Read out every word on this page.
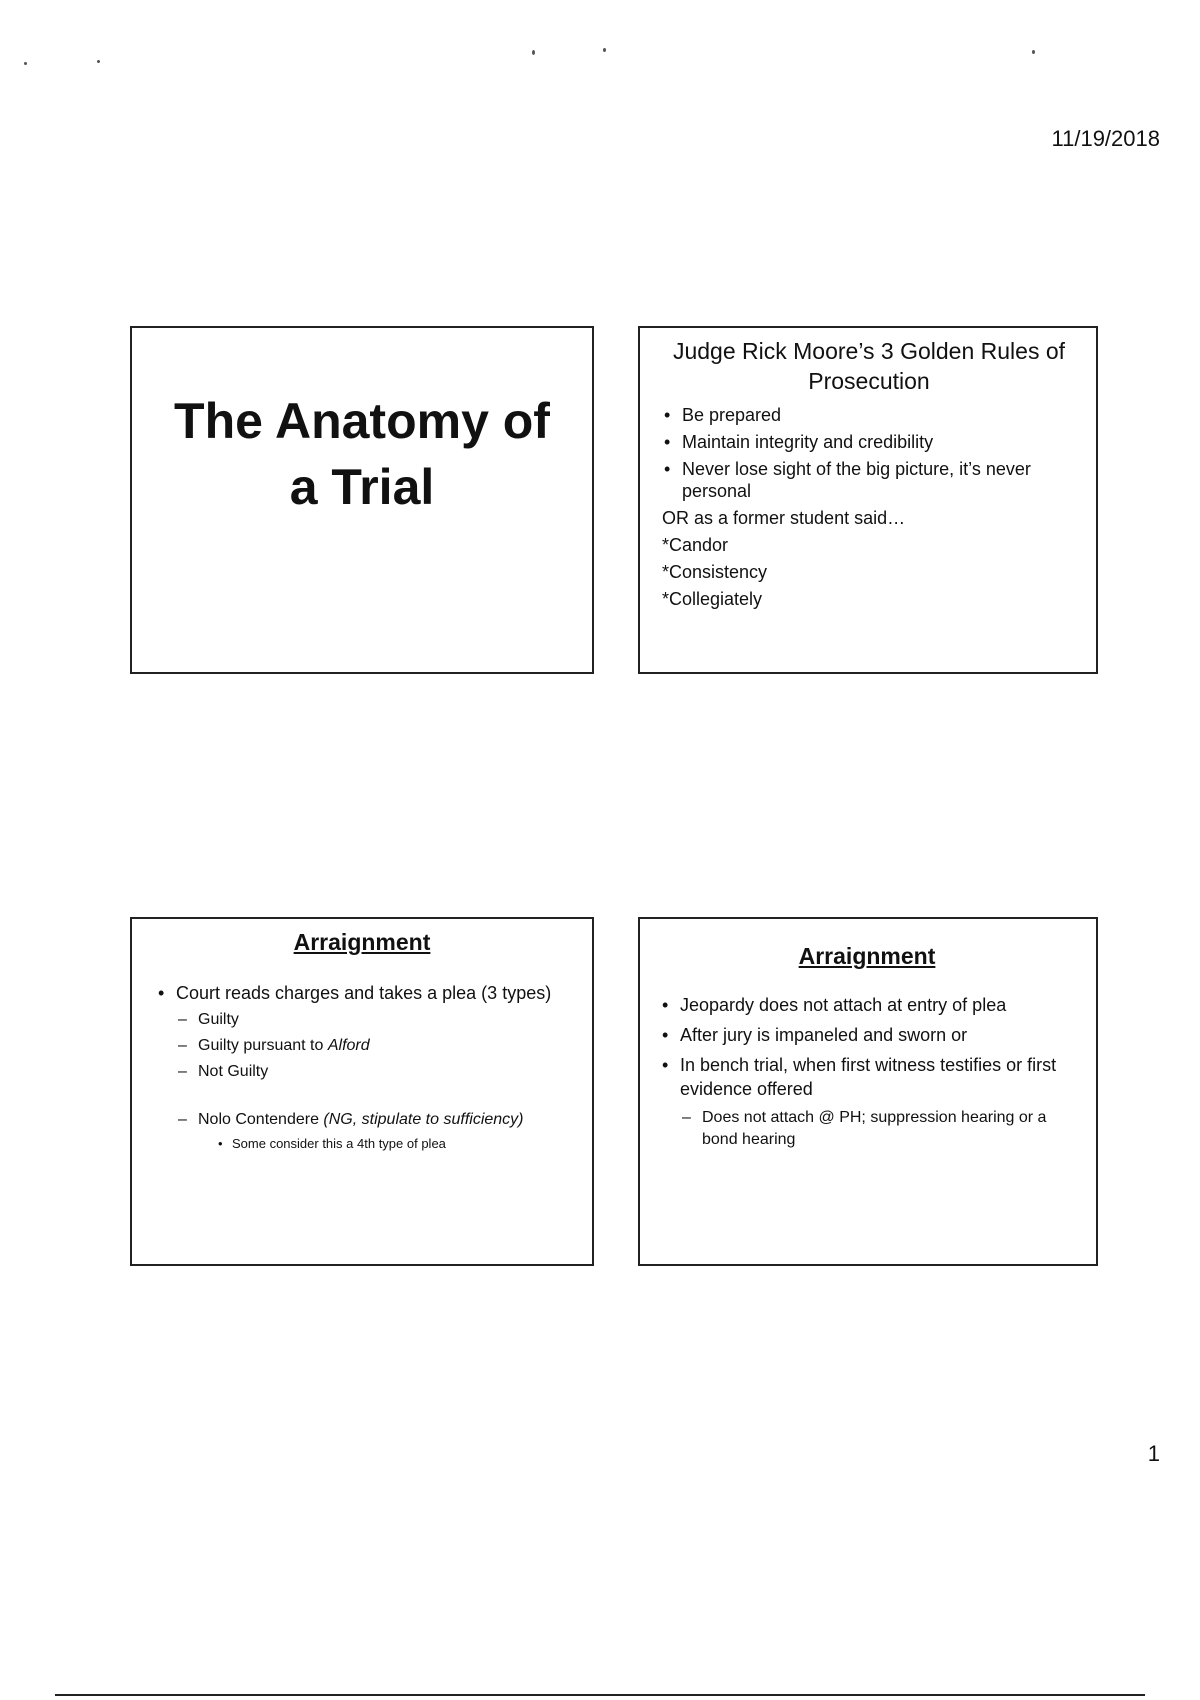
11/19/2018
The Anatomy of
a Trial
Judge Rick Moore’s 3 Golden Rules of
Prosecution
• Be prepared
• Maintain integrity and credibility
• Never lose sight of the big picture, it’s never personal
OR as a former student said…
*Candor
*Consistency
*Collegiately
Arraignment
• Court reads charges and takes a plea (3 types)
– Guilty
– Guilty pursuant to Alford
– Not Guilty
– Nolo Contendere (NG, stipulate to sufficiency)
• Some consider this a 4th type of plea
Arraignment
• Jeopardy does not attach at entry of plea
• After jury is impaneled and sworn or
• In bench trial, when first witness testifies or first evidence offered
– Does not attach @ PH; suppression hearing or a bond hearing
1
